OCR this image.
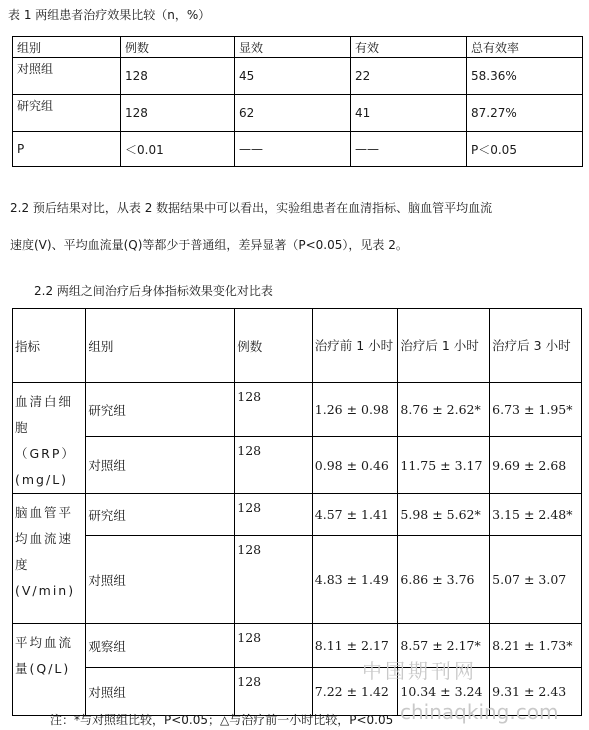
表 1 两组患者治疗效果比较（n，%）
组别	例数	显效	有效	总有效率
对照组	128	45	22	58.36%
研究组	128	62	41	87.27%
P	＜0.01	——	——	P＜0.05
2.2 预后结果对比，从表 2 数据结果中可以看出，实验组患者在血清指标、脑血管平均血流
速度(V)、平均血流量(Q)等都少于普通组，差异显著（P<0.05），见表 2。
2.2 两组之间治疗后身体指标效果变化对比表
指标	组别	例数	治疗前 1 小时	治疗后 1 小时	治疗后 3 小时

血清白细胞（GRP）(mg/L)	研究组	128	1.26 ± 0.98	8.76 ± 2.62*	6.73 ± 1.95*
	对照组	128	0.98 ± 0.46	11.75 ± 3.17	9.69 ± 2.68

脑血管平均血流速度(V/min)	研究组	128	4.57 ± 1.41	5.98 ± 5.62*	3.15 ± 2.48*
	对照组	128	4.83 ± 1.49	6.86 ± 3.76	5.07 ± 3.07

平均血流量(Q/L)	观察组	128	8.11 ± 2.17	8.57 ± 2.17*	8.21 ± 1.73*
	对照组	128	7.22 ± 1.42	10.34 ± 3.24	9.31 ± 2.43
中国期刊网
chinaqking.com
注：*与对照组比较，P<0.05；△与治疗前一小时比较，P<0.05
